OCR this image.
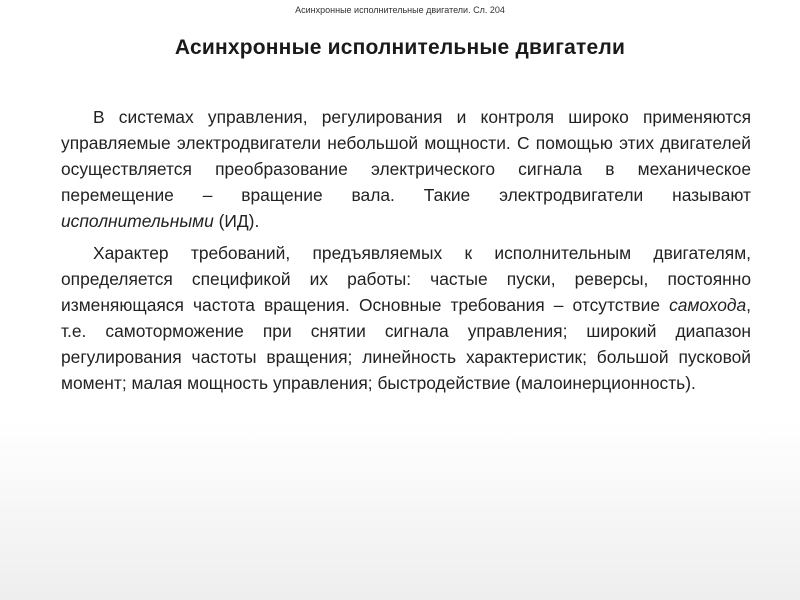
Асинхронные исполнительные двигатели. Сл. 204
Асинхронные исполнительные двигатели

В системах управления, регулирования и контроля широко применяются управляемые электродвигатели небольшой мощности. С помощью этих двигателей осуществляется преобразование электрического сигнала в механическое перемещение – вращение вала. Такие электродвигатели называют исполнительными (ИД).

Характер требований, предъявляемых к исполнительным двигателям, определяется спецификой их работы: частые пуски, реверсы, постоянно изменяющаяся частота вращения. Основные требования – отсутствие самохода, т.е. самоторможение при снятии сигнала управления; широкий диапазон регулирования частоты вращения; линейность характеристик; большой пусковой момент; малая мощность управления; быстродействие (малоинерционность).
